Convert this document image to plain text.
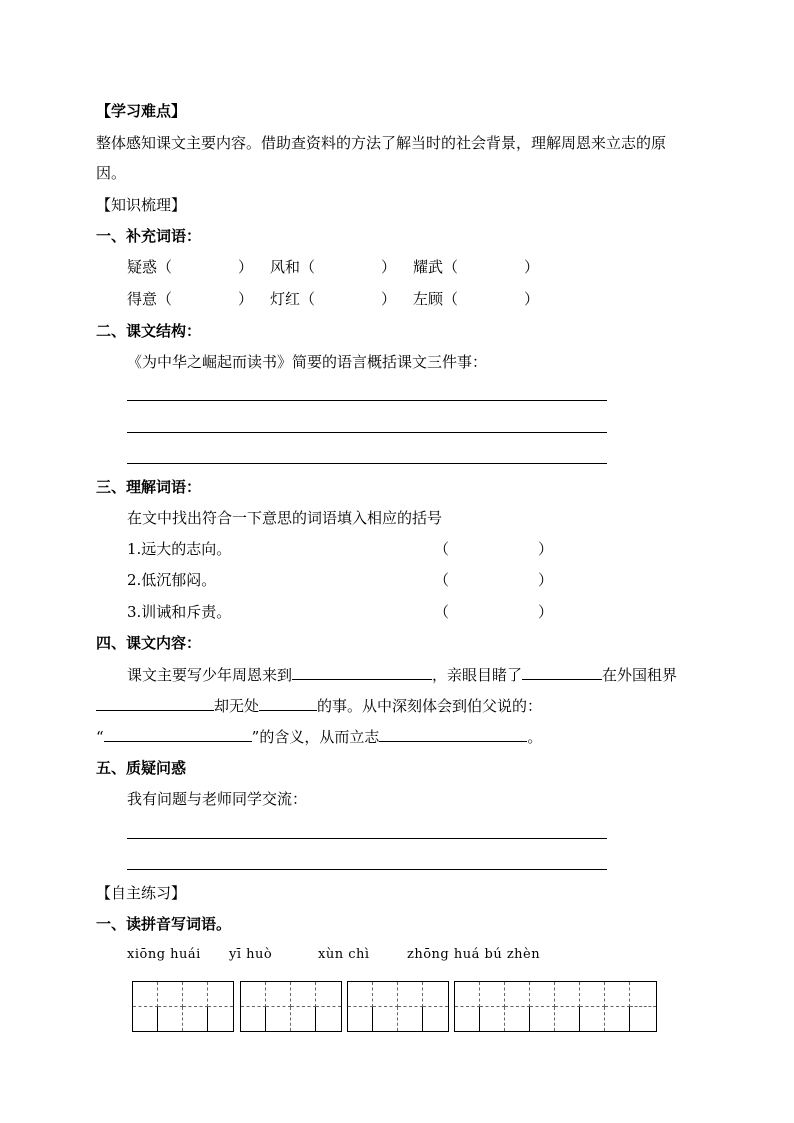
【学习难点】
整体感知课文主要内容。借助查资料的方法了解当时的社会背景，理解周恩来立志的原
因。
【知识梳理】
一、补充词语：
疑惑（	） 风和（	） 耀武（	）
得意（	） 灯红（	） 左顾（	）
二、课文结构：
《为中华之崛起而读书》简要的语言概括课文三件事：
三、理解词语：
在文中找出符合一下意思的词语填入相应的括号
1.远大的志向。	（	）
2.低沉郁闷。	（	）
3.训诫和斥责。	（	）
四、课文内容：
课文主要写少年周恩来到	，亲眼目睹了	在外国租界
却无处	的事。从中深刻体会到伯父说的：
“	”的含义，从而立志	。
五、质疑问惑
我有问题与老师同学交流：
【自主练习】
一、读拼音写词语。
xiōng huái yī huò	xùn chì	zhōng huá bú zhèn
